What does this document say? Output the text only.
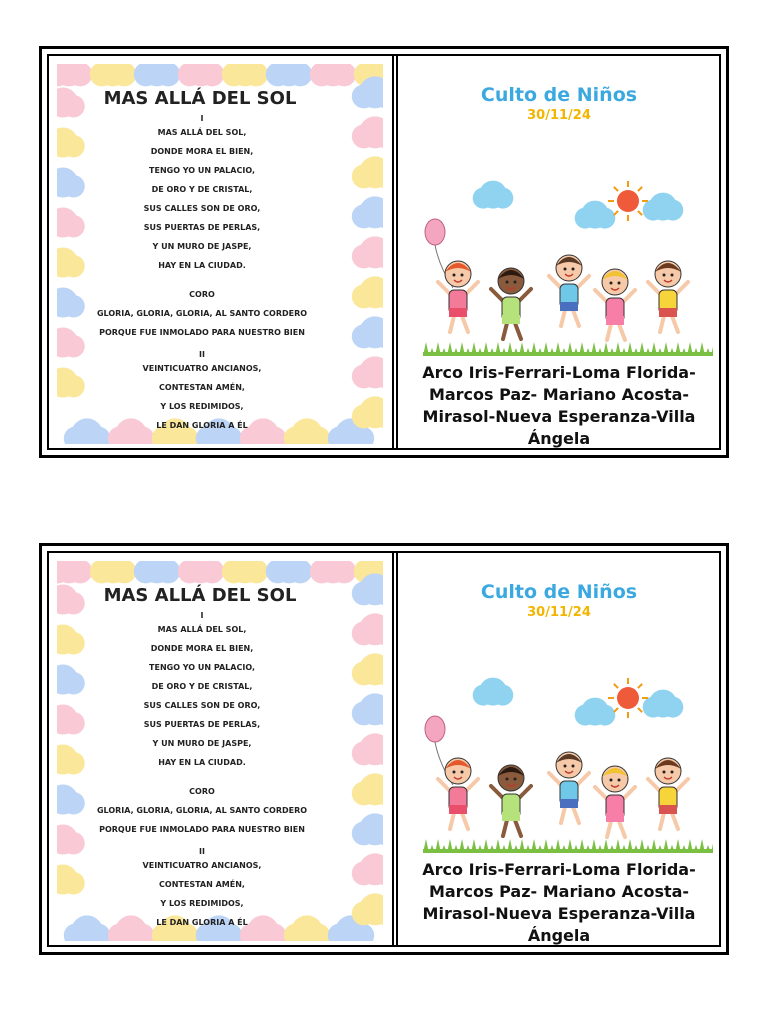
MAS ALLÁ DEL SOL
I
MAS ALLÁ DEL SOL,
DONDE MORA EL BIEN,
TENGO YO UN PALACIO,
DE ORO Y DE CRISTAL,
SUS CALLES SON DE ORO,
SUS PUERTAS DE PERLAS,
Y UN MURO DE JASPE,
HAY EN LA CIUDAD.
CORO
GLORIA, GLORIA, GLORIA, AL SANTO CORDERO
PORQUE FUE INMOLADO PARA NUESTRO BIEN
II
VEINTICUATRO ANCIANOS,
CONTESTAN AMÉN,
Y LOS REDIMIDOS,
LE DAN GLORIA A ÉL
Culto de Niños
30/11/24
Arco Iris-Ferrari-Loma Florida-Marcos Paz- Mariano Acosta-Mirasol-Nueva Esperanza-Villa Ángela
MAS ALLÁ DEL SOL
I
MAS ALLÁ DEL SOL,
DONDE MORA EL BIEN,
TENGO YO UN PALACIO,
DE ORO Y DE CRISTAL,
SUS CALLES SON DE ORO,
SUS PUERTAS DE PERLAS,
Y UN MURO DE JASPE,
HAY EN LA CIUDAD.
CORO
GLORIA, GLORIA, GLORIA, AL SANTO CORDERO
PORQUE FUE INMOLADO PARA NUESTRO BIEN
II
VEINTICUATRO ANCIANOS,
CONTESTAN AMÉN,
Y LOS REDIMIDOS,
LE DAN GLORIA A ÉL
Culto de Niños
30/11/24
Arco Iris-Ferrari-Loma Florida-Marcos Paz- Mariano Acosta-Mirasol-Nueva Esperanza-Villa Ángela
